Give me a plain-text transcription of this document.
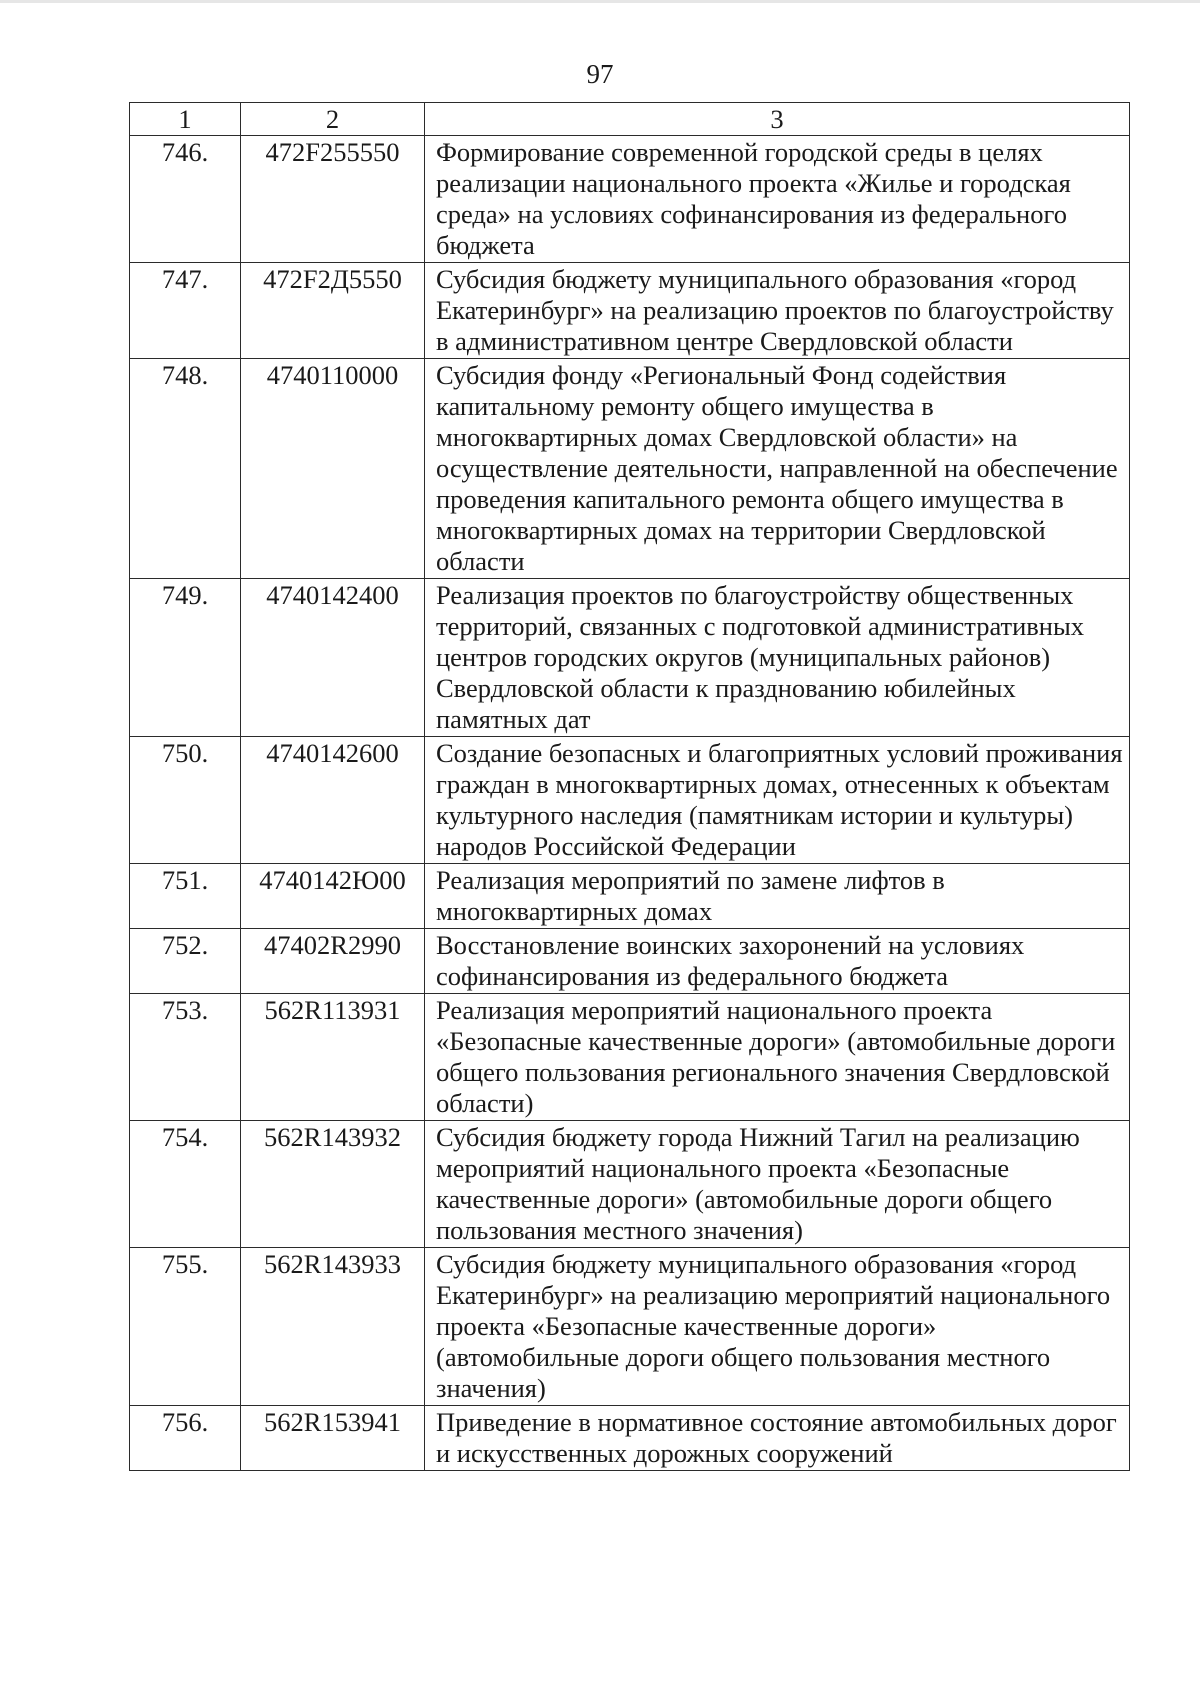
97
1	2	3
746.	472F255550	Формирование современной городской среды в целях реализации национального проекта «Жилье и городская среда» на условиях софинансирования из федерального бюджета
747.	472F2Д5550	Субсидия бюджету муниципального образования «город Екатеринбург» на реализацию проектов по благоустройству в административном центре Свердловской области
748.	4740110000	Субсидия фонду «Региональный Фонд содействия капитальному ремонту общего имущества в многоквартирных домах Свердловской области» на осуществление деятельности, направленной на обеспечение проведения капитального ремонта общего имущества в многоквартирных домах на территории Свердловской области
749.	4740142400	Реализация проектов по благоустройству общественных территорий, связанных с подготовкой административных центров городских округов (муниципальных районов) Свердловской области к празднованию юбилейных памятных дат
750.	4740142600	Создание безопасных и благоприятных условий проживания граждан в многоквартирных домах, отнесенных к объектам культурного наследия (памятникам истории и культуры) народов Российской Федерации
751.	4740142Ю00	Реализация мероприятий по замене лифтов в многоквартирных домах
752.	47402R2990	Восстановление воинских захоронений на условиях софинансирования из федерального бюджета
753.	562R113931	Реализация мероприятий национального проекта «Безопасные качественные дороги» (автомобильные дороги общего пользования регионального значения Свердловской области)
754.	562R143932	Субсидия бюджету города Нижний Тагил на реализацию мероприятий национального проекта «Безопасные качественные дороги» (автомобильные дороги общего пользования местного значения)
755.	562R143933	Субсидия бюджету муниципального образования «город Екатеринбург» на реализацию мероприятий национального проекта «Безопасные качественные дороги» (автомобильные дороги общего пользования местного значения)
756.	562R153941	Приведение в нормативное состояние автомобильных дорог и искусственных дорожных сооружений
